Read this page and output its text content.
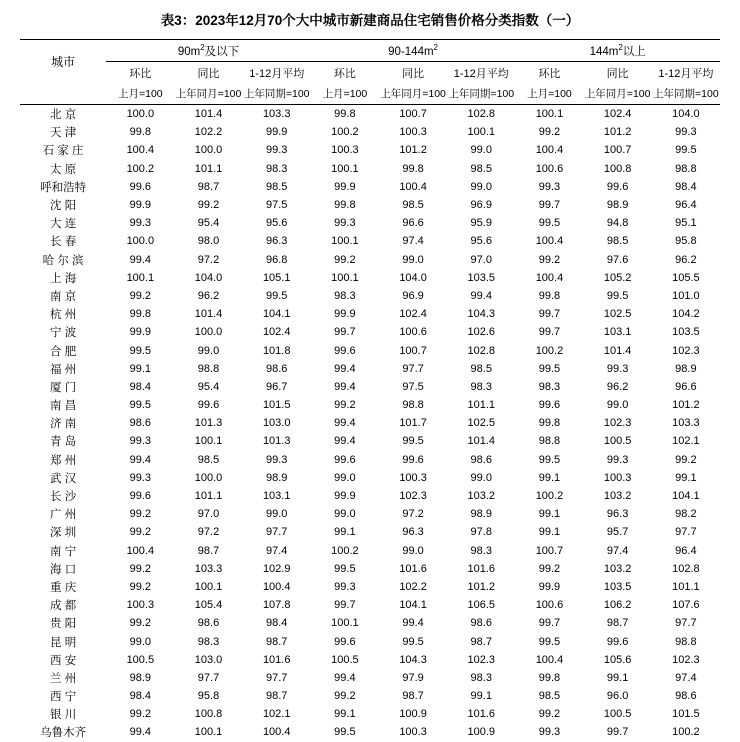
表3：2023年12月70个大中城市新建商品住宅销售价格分类指数（一）
城市	$90m^2$及以下			$90-144m^2$			$144m^2$以上		
	环比	同比	1-12月平均	环比	同比	1-12月平均	环比	同比	1-12月平均
	上月=100	上年同月=100	上年同期=100	上月=100	上年同月=100	上年同期=100	上月=100	上年同月=100	上年同期=100
北 京	100.0	101.4	103.3	99.8	100.7	102.8	100.1	102.4	104.0
天 津	99.8	102.2	99.9	100.2	100.3	100.1	99.2	101.2	99.3
石 家 庄	100.4	100.0	99.3	100.3	101.2	99.0	100.4	100.7	99.5
太 原	100.2	101.1	98.3	100.1	99.8	98.5	100.6	100.8	98.8
呼和浩特	99.6	98.7	98.5	99.9	100.4	99.0	99.3	99.6	98.4
沈 阳	99.9	99.2	97.5	99.8	98.5	96.9	99.7	98.9	96.4
大 连	99.3	95.4	95.6	99.3	96.6	95.9	99.5	94.8	95.1
长 春	100.0	98.0	96.3	100.1	97.4	95.6	100.4	98.5	95.8
哈 尔 滨	99.4	97.2	96.8	99.2	99.0	97.0	99.2	97.6	96.2
上 海	100.1	104.0	105.1	100.1	104.0	103.5	100.4	105.2	105.5
南 京	99.2	96.2	99.5	98.3	96.9	99.4	99.8	99.5	101.0
杭 州	99.8	101.4	104.1	99.9	102.4	104.3	99.7	102.5	104.2
宁 波	99.9	100.0	102.4	99.7	100.6	102.6	99.7	103.1	103.5
合 肥	99.5	99.0	101.8	99.6	100.7	102.8	100.2	101.4	102.3
福 州	99.1	98.8	98.6	99.4	97.7	98.5	99.5	99.3	98.9
厦 门	98.4	95.4	96.7	99.4	97.5	98.3	98.3	96.2	96.6
南 昌	99.5	99.6	101.5	99.2	98.8	101.1	99.6	99.0	101.2
济 南	98.6	101.3	103.0	99.4	101.7	102.5	99.8	102.3	103.3
青 岛	99.3	100.1	101.3	99.4	99.5	101.4	98.8	100.5	102.1
郑 州	99.4	98.5	99.3	99.6	99.6	98.6	99.5	99.3	99.2
武 汉	99.3	100.0	98.9	99.0	100.3	99.0	99.1	100.3	99.1
长 沙	99.6	101.1	103.1	99.9	102.3	103.2	100.2	103.2	104.1
广 州	99.2	97.0	99.0	99.0	97.2	98.9	99.1	96.3	98.2
深 圳	99.2	97.2	97.7	99.1	96.3	97.8	99.1	95.7	97.7
南 宁	100.4	98.7	97.4	100.2	99.0	98.3	100.7	97.4	96.4
海 口	99.2	103.3	102.9	99.5	101.6	101.6	99.2	103.2	102.8
重 庆	99.2	100.1	100.4	99.3	102.2	101.2	99.9	103.5	101.1
成 都	100.3	105.4	107.8	99.7	104.1	106.5	100.6	106.2	107.6
贵 阳	99.2	98.6	98.4	100.1	99.4	98.6	99.7	98.7	97.7
昆 明	99.0	98.3	98.7	99.6	99.5	98.7	99.5	99.6	98.8
西 安	100.5	103.0	101.6	100.5	104.3	102.3	100.4	105.6	102.3
兰 州	98.9	97.7	97.7	99.4	97.9	98.3	99.8	99.1	97.4
西 宁	98.4	95.8	98.7	99.2	98.7	99.1	98.5	96.0	98.6
银 川	99.2	100.8	102.1	99.1	100.9	101.6	99.2	100.5	101.5
乌鲁木齐	99.4	100.1	100.4	99.5	100.3	100.9	99.3	99.7	100.2
